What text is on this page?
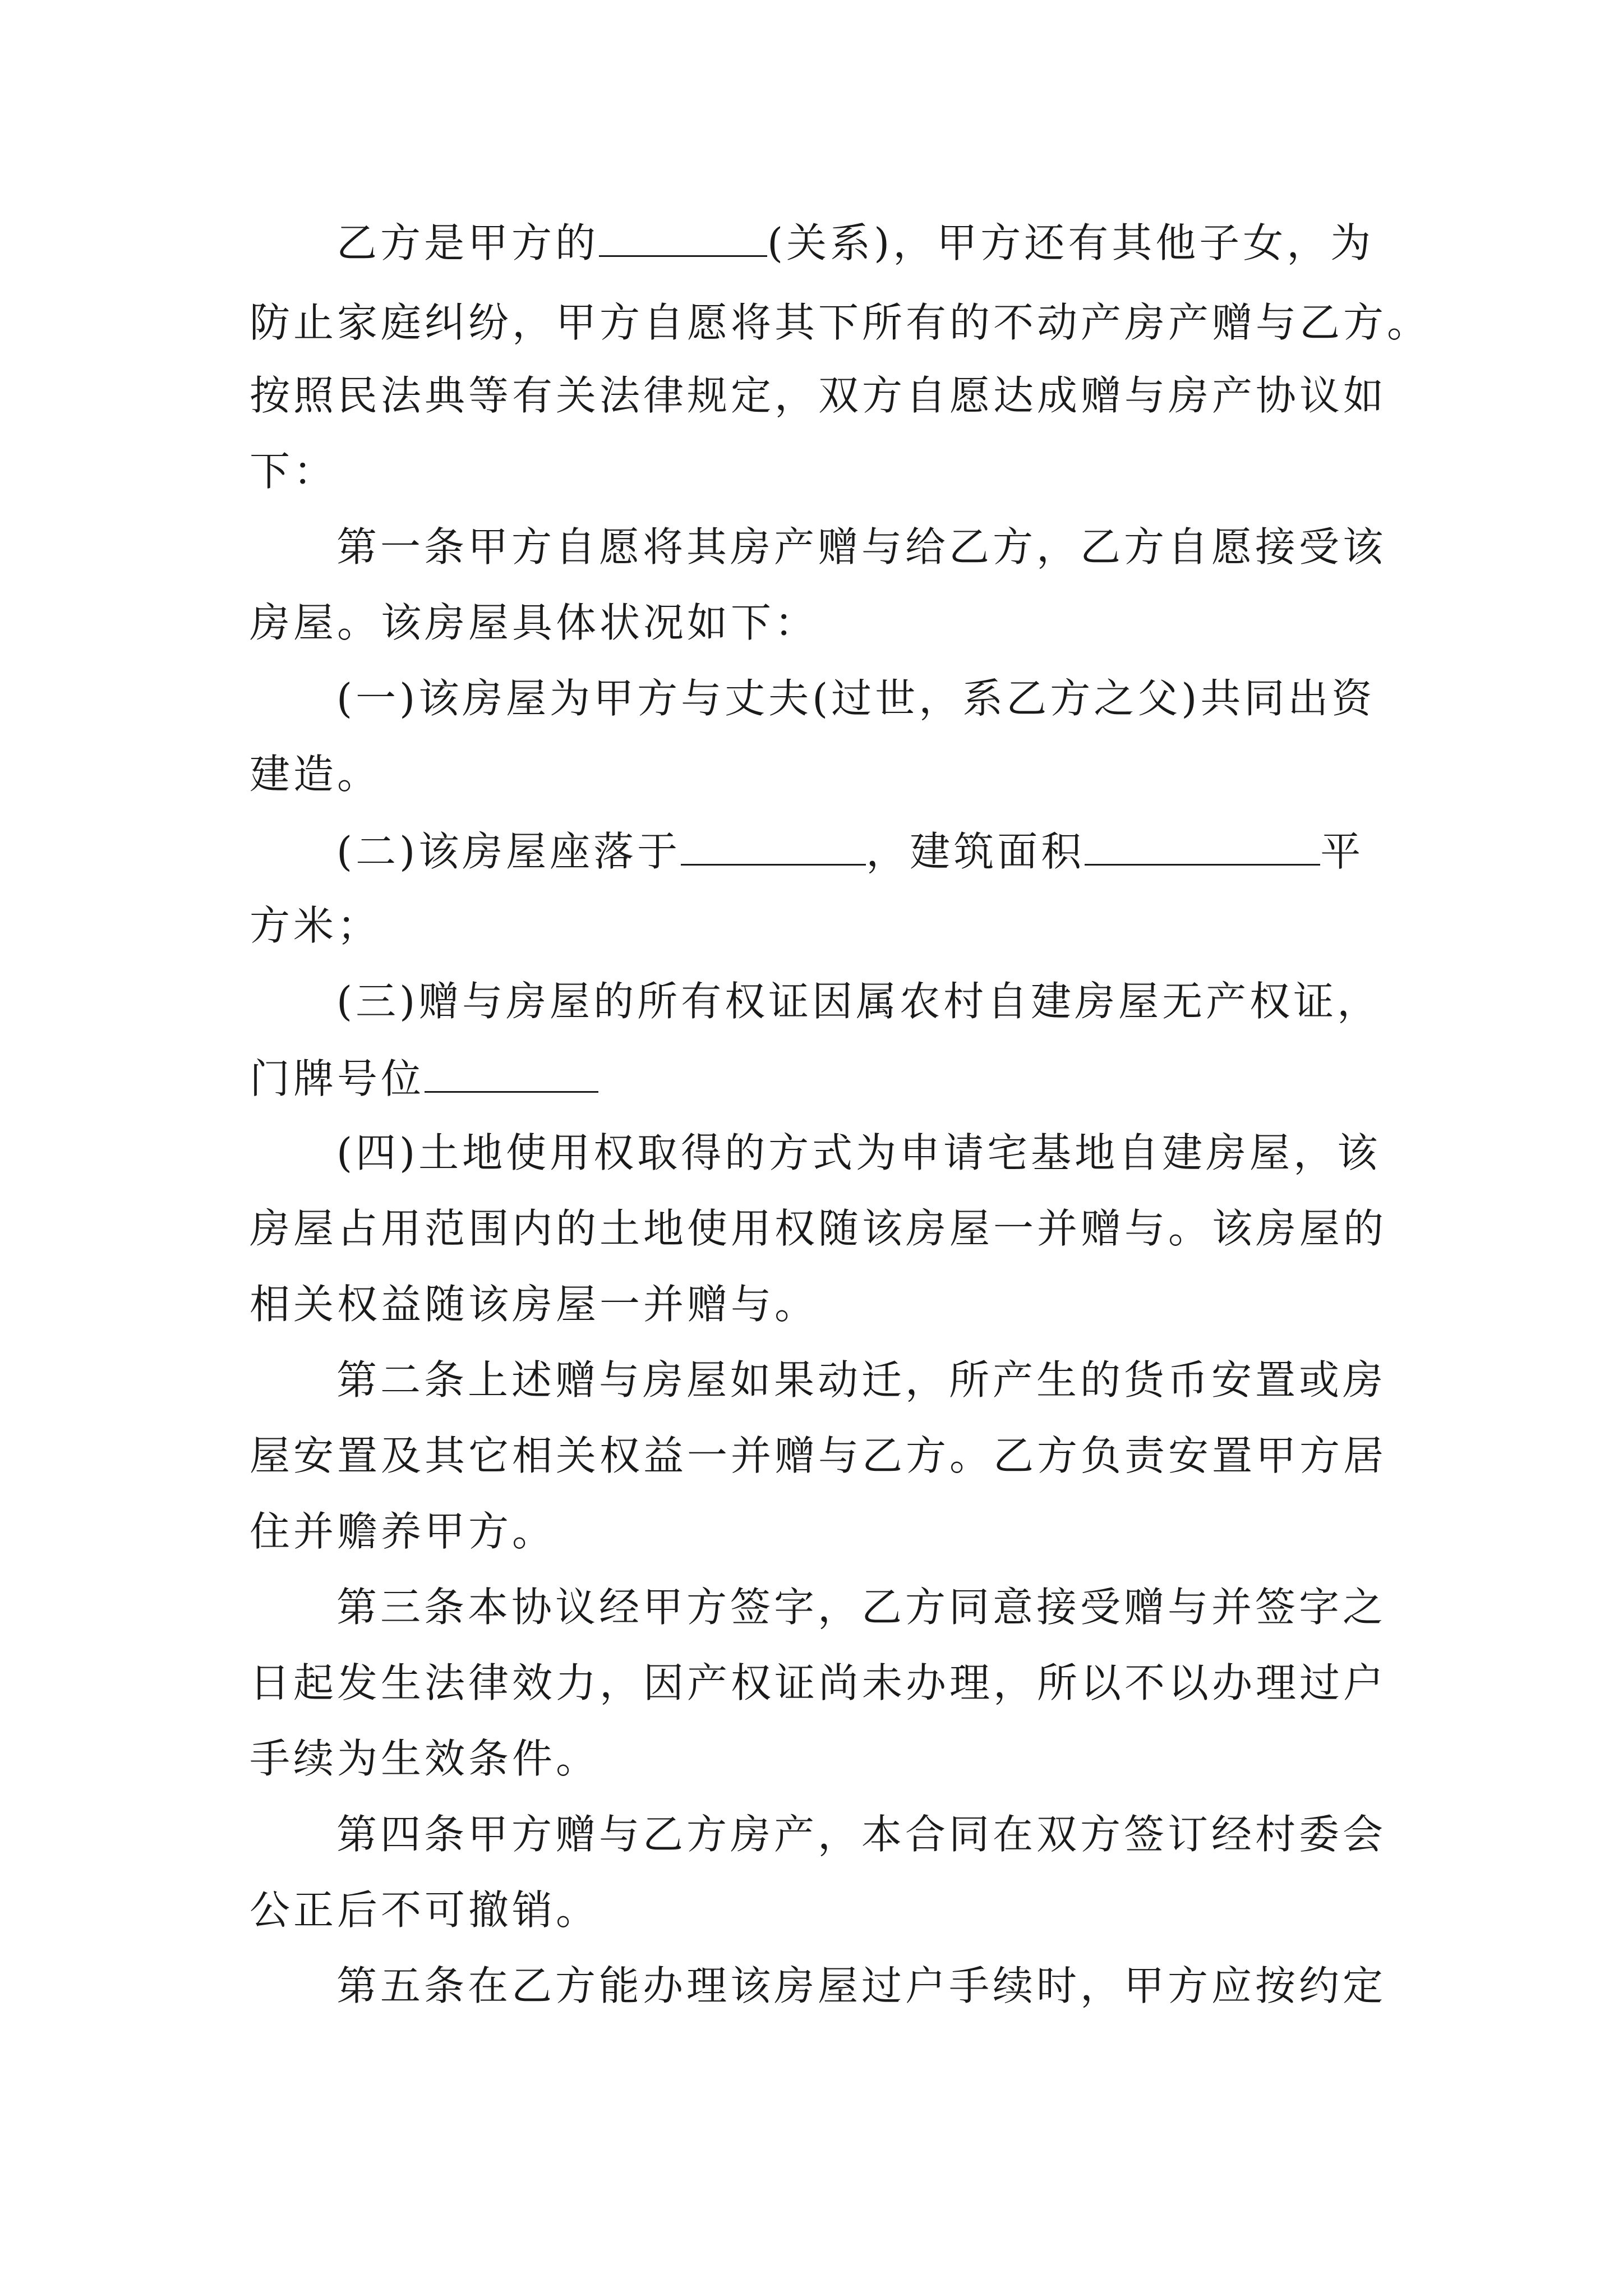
乙方是甲方的	(关系)，甲方还有其他子女，为
防止家庭纠纷，甲方自愿将其下所有的不动产房产赠与乙方。
按照民法典等有关法律规定，双方自愿达成赠与房产协议如
下：
第一条甲方自愿将其房产赠与给乙方，乙方自愿接受该
房屋。该房屋具体状况如下：
(一)该房屋为甲方与丈夫(过世，系乙方之父)共同出资
建造。
(二)该房屋座落于	，建筑面积	平
方米；
(三)赠与房屋的所有权证因属农村自建房屋无产权证，
门牌号位
(四)土地使用权取得的方式为申请宅基地自建房屋，该
房屋占用范围内的土地使用权随该房屋一并赠与。该房屋的
相关权益随该房屋一并赠与。
第二条上述赠与房屋如果动迁，所产生的货币安置或房
屋安置及其它相关权益一并赠与乙方。乙方负责安置甲方居
住并赡养甲方。
第三条本协议经甲方签字，乙方同意接受赠与并签字之
日起发生法律效力，因产权证尚未办理，所以不以办理过户
手续为生效条件。
第四条甲方赠与乙方房产，本合同在双方签订经村委会
公正后不可撤销。
第五条在乙方能办理该房屋过户手续时，甲方应按约定
